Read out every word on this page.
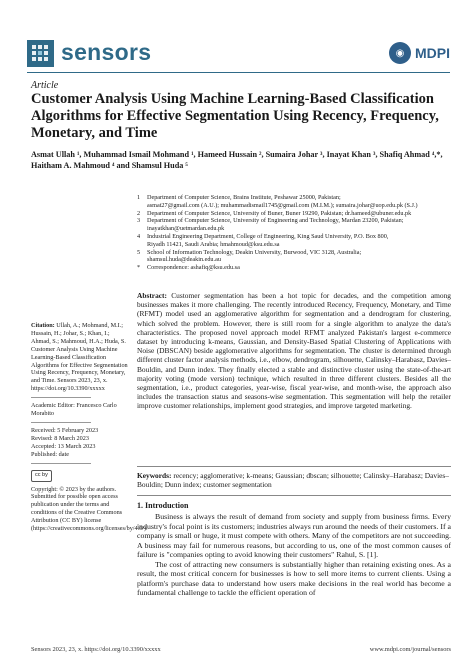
sensors	◉ MDPI
Article
Customer Analysis Using Machine Learning-Based Classification Algorithms for Effective Segmentation Using Recency, Frequency, Monetary, and Time
Asmat Ullah ¹, Muhammad Ismail Mohmand ¹, Hameed Hussain ², Sumaira Johar ³, Inayat Khan ³, Shafiq Ahmad ⁴,*, Haitham A. Mahmoud ⁴ and Shamsul Huda ⁵
1	Department of Computer Science, Brains Institute, Peshawar 25000, Pakistan;
asmat27@gmail.com (A.U.); muhammadismail1745@gmail.com (M.I.M.); sumaira.johar@uop.edu.pk (S.J.)
2	Department of Computer Science, University of Buner, Buner 19290, Pakistan; dr.hameed@ubuner.edu.pk
3	Department of Computer Science, University of Engineering and Technology, Mardan 23200, Pakistan;
inayatkhan@uetmardan.edu.pk
4	Industrial Engineering Department, College of Engineering, King Saud University, P.O. Box 800,
Riyadh 11421, Saudi Arabia; hmahmoud@ksu.edu.sa
5	School of Information Technology, Deakin University, Burwood, VIC 3128, Australia;
shamsul.huda@deakin.edu.au
*	Correspondence: ashafiq@ksu.edu.sa

Citation: Ullah, A.; Mohmand, M.I.; Hussain, H.; Johar, S.; Khan, I.; Ahmad, S.; Mahmoud, H.A.; Huda, S. Customer Analysis Using Machine Learning-Based Classification Algorithms for Effective Segmentation Using Recency, Frequency, Monetary, and Time. Sensors 2023, 23, x. https://doi.org/10.3390/xxxxx

Academic Editor: Francesco Carlo Morabito

Received: 5 February 2023
Revised: 8 March 2023
Accepted: 13 March 2023
Published: date
cc by

Copyright: © 2023 by the authors. Submitted for possible open access publication under the terms and conditions of the Creative Commons Attribution (CC BY) license (https://creativecommons.org/licenses/by/4.0/).

Abstract: Customer segmentation has been a hot topic for decades, and the competition among businesses makes it more challenging. The recently introduced Recency, Frequency, Monetary, and Time (RFMT) model used an agglomerative algorithm for segmentation and a dendrogram for clustering, which solved the problem. However, there is still room for a single algorithm to analyze the data's characteristics. The proposed novel approach model RFMT analyzed Pakistan's largest e-commerce dataset by introducing k-means, Gaussian, and Density-Based Spatial Clustering of Applications with Noise (DBSCAN) beside agglomerative algorithms for segmentation. The cluster is determined through different cluster factor analysis methods, i.e., elbow, dendrogram, silhouette, Calinsky–Harabasz, Davies–Bouldin, and Dunn index. They finally elected a stable and distinctive cluster using the state-of-the-art majority voting (mode version) technique, which resulted in three different clusters. Besides all the segmentation, i.e., product categories, year-wise, fiscal year-wise, and month-wise, the approach also includes the transaction status and seasons-wise segmentation. This segmentation will help the retailer improve customer relationships, implement good strategies, and improve targeted marketing.
Keywords: recency; agglomerative; k-means; Gaussian; dbscan; silhouette; Calinsky–Harabasz; Davies–Bouldin; Dunn index; customer segmentation
1. Introduction

Business is always the result of demand from society and supply from business firms. Every industry's focal point is its customers; industries always run around the needs of their customers. If a company is small or huge, it must compete with others. Many of the competitors are not succeeding. A business may fail for numerous reasons, but according to us, one of the most common causes of failure is "companies opting to avoid knowing their customers" Rahul, S. [1].

The cost of attracting new consumers is substantially higher than retaining existing ones. As a result, the most critical concern for businesses is how to sell more items to current clients. Using a platform's purchase data to understand how users make decisions in the real world has become a fundamental challenge to tackle the efficient operation of

Sensors 2023, 23, x. https://doi.org/10.3390/xxxxx	www.mdpi.com/journal/sensors
